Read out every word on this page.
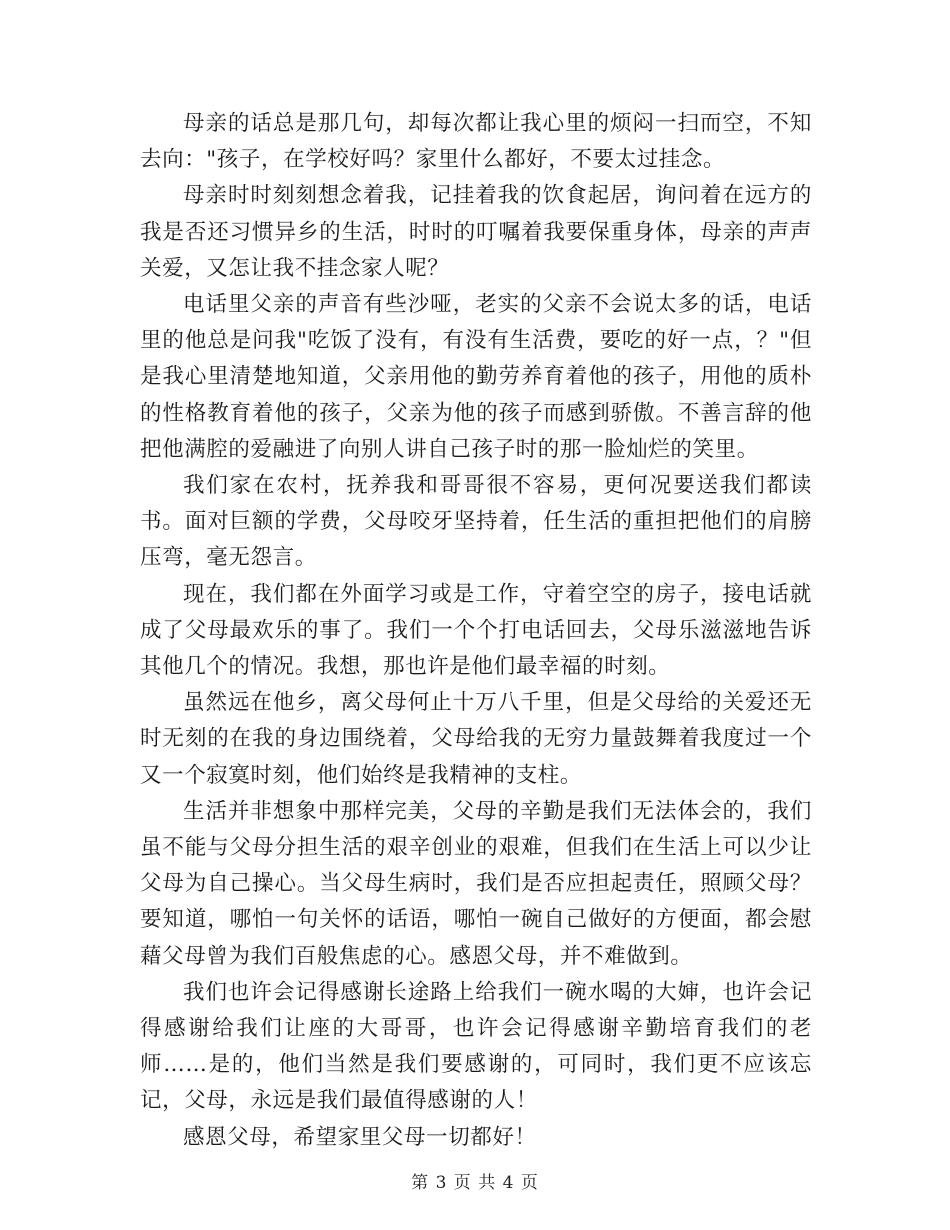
母亲的话总是那几句，却每次都让我心里的烦闷一扫而空，不知去向："孩子，在学校好吗？家里什么都好，不要太过挂念。

母亲时时刻刻想念着我，记挂着我的饮食起居，询问着在远方的我是否还习惯异乡的生活，时时的叮嘱着我要保重身体，母亲的声声关爱，又怎让我不挂念家人呢？

电话里父亲的声音有些沙哑，老实的父亲不会说太多的话，电话里的他总是问我"吃饭了没有，有没有生活费，要吃的好一点，？"但是我心里清楚地知道，父亲用他的勤劳养育着他的孩子，用他的质朴的性格教育着他的孩子，父亲为他的孩子而感到骄傲。不善言辞的他把他满腔的爱融进了向别人讲自己孩子时的那一脸灿烂的笑里。

我们家在农村，抚养我和哥哥很不容易，更何况要送我们都读书。面对巨额的学费，父母咬牙坚持着，任生活的重担把他们的肩膀压弯，毫无怨言。

现在，我们都在外面学习或是工作，守着空空的房子，接电话就成了父母最欢乐的事了。我们一个个打电话回去，父母乐滋滋地告诉其他几个的情况。我想，那也许是他们最幸福的时刻。

虽然远在他乡，离父母何止十万八千里，但是父母给的关爱还无时无刻的在我的身边围绕着，父母给我的无穷力量鼓舞着我度过一个又一个寂寞时刻，他们始终是我精神的支柱。

生活并非想象中那样完美，父母的辛勤是我们无法体会的，我们虽不能与父母分担生活的艰辛创业的艰难，但我们在生活上可以少让父母为自己操心。当父母生病时，我们是否应担起责任，照顾父母？要知道，哪怕一句关怀的话语，哪怕一碗自己做好的方便面，都会慰藉父母曾为我们百般焦虑的心。感恩父母，并不难做到。

我们也许会记得感谢长途路上给我们一碗水喝的大婶，也许会记得感谢给我们让座的大哥哥，也许会记得感谢辛勤培育我们的老师……是的，他们当然是我们要感谢的，可同时，我们更不应该忘记，父母，永远是我们最值得感谢的人！

感恩父母，希望家里父母一切都好！

第 3 页 共 4 页
